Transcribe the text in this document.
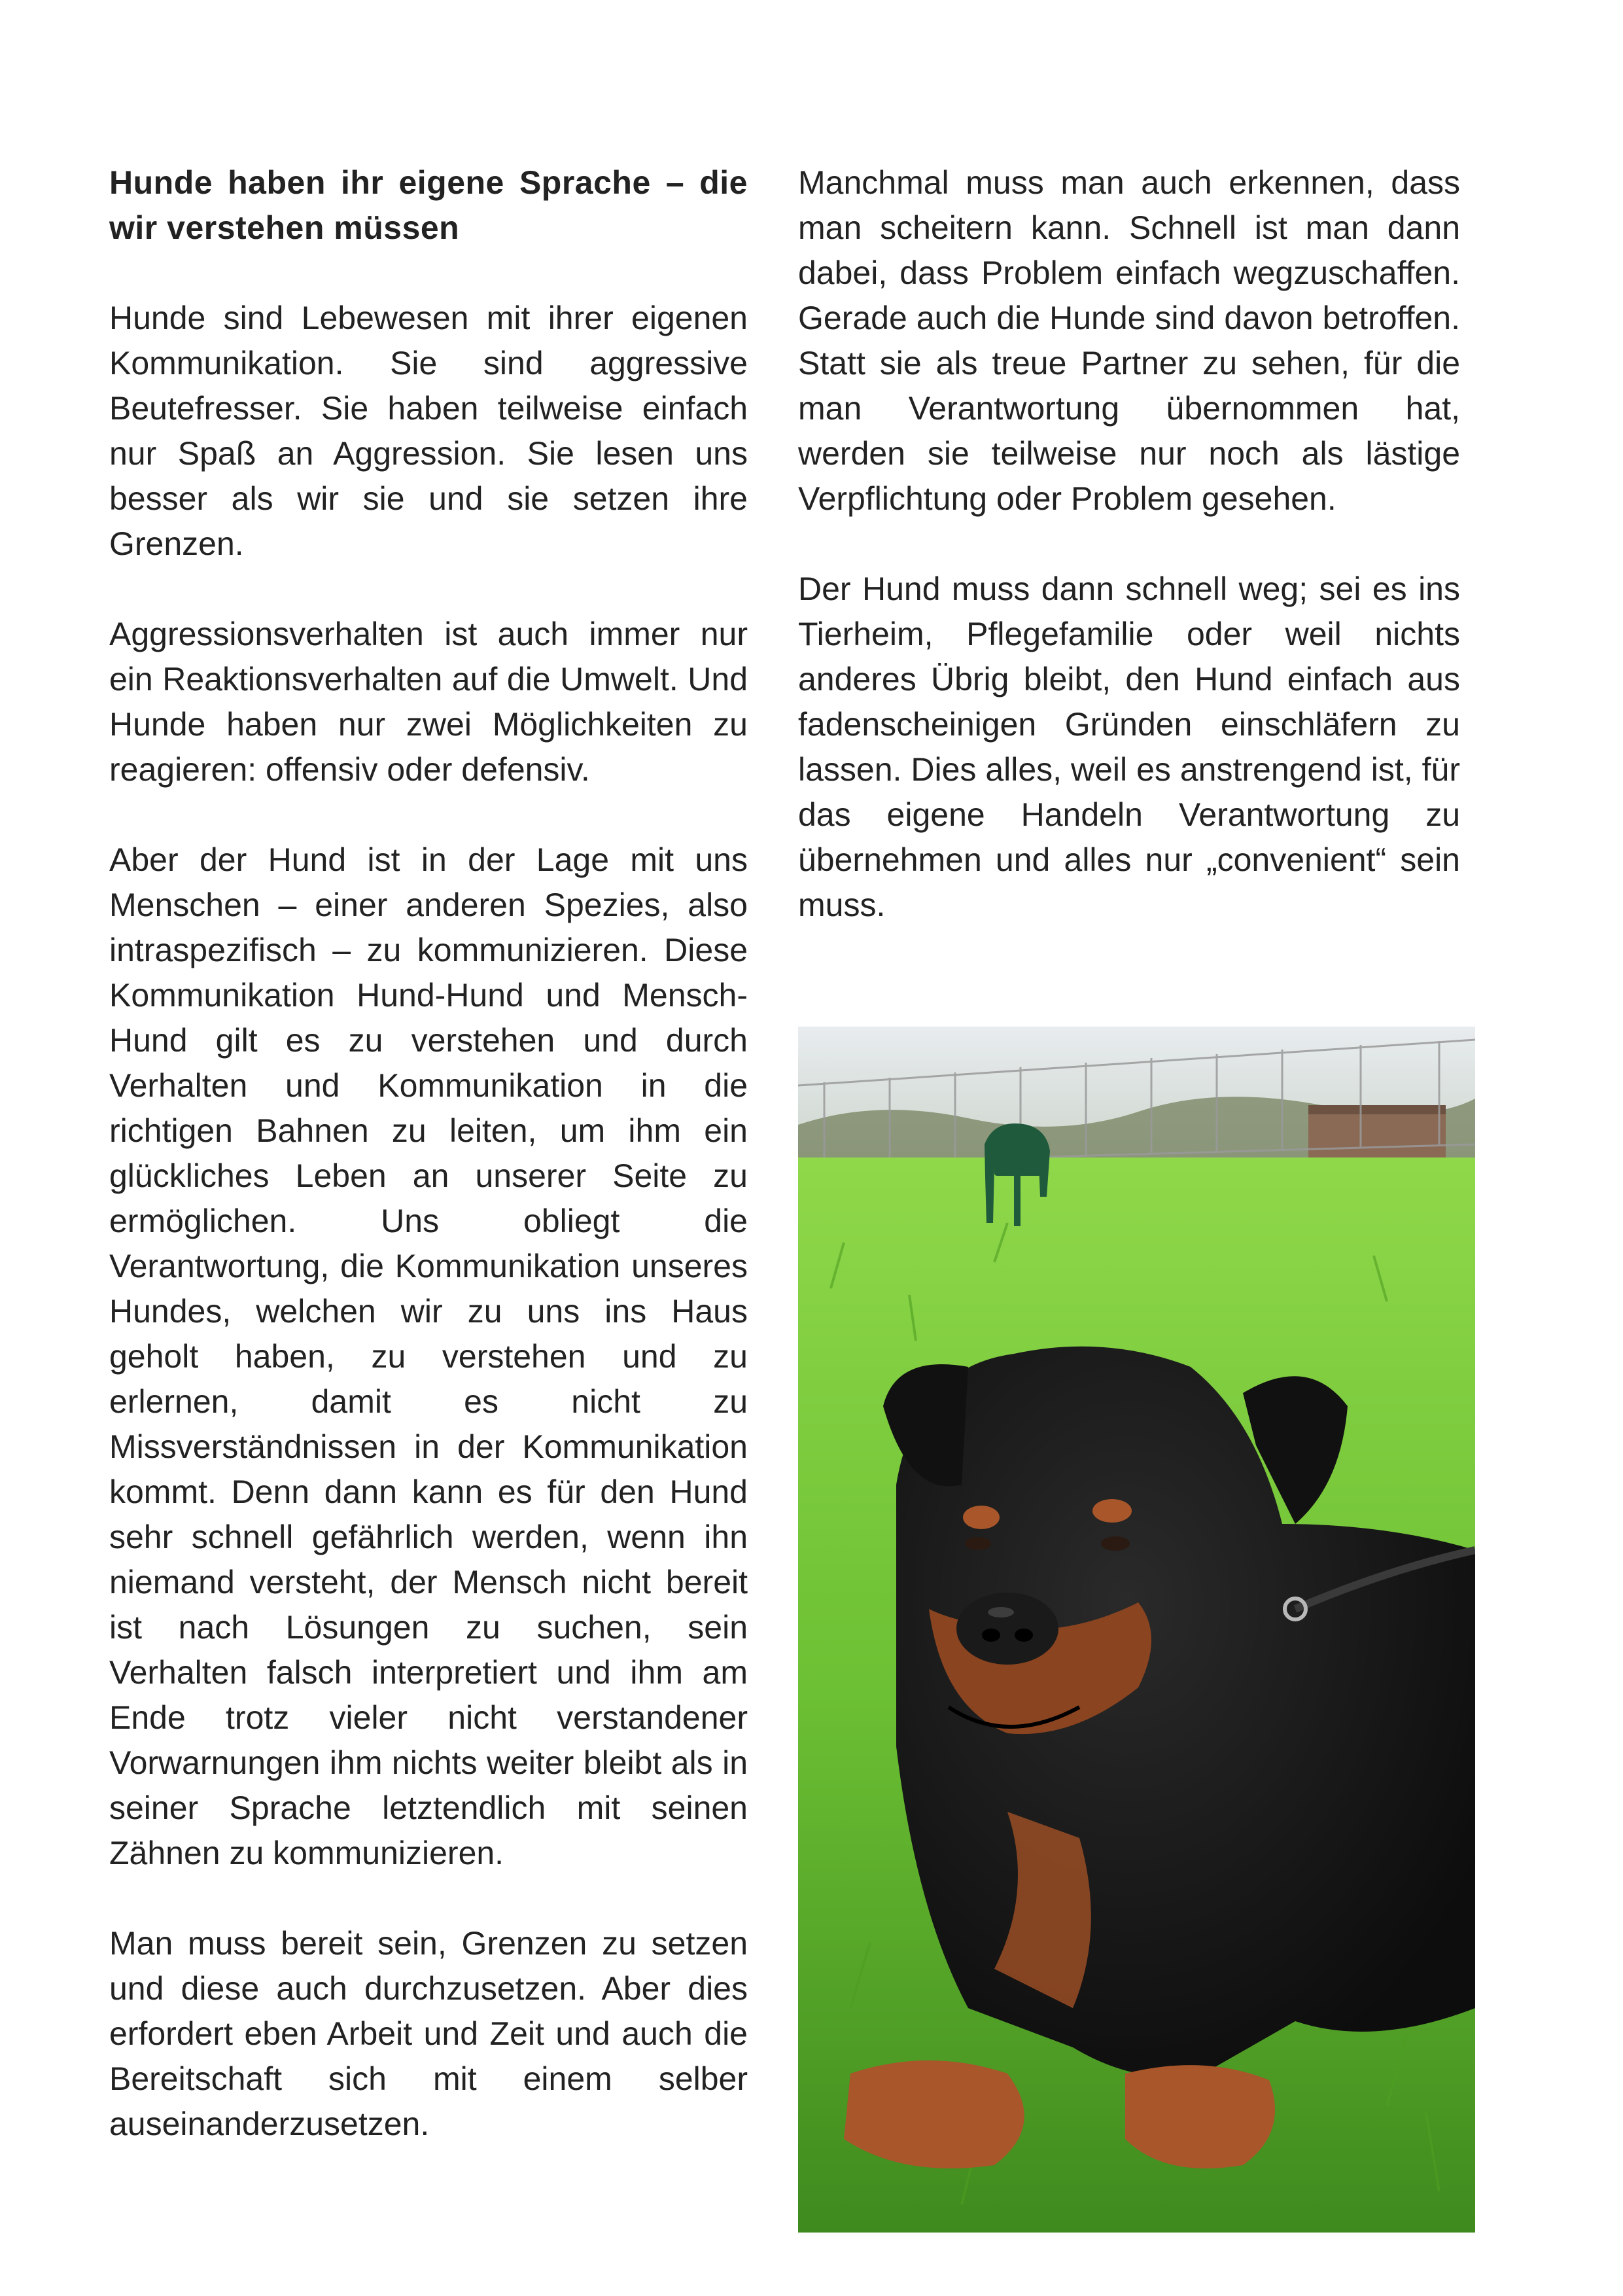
Hunde haben ihr eigene Sprache – die wir verstehen müssen

Hunde sind Lebewesen mit ihrer eigenen Kommunikation. Sie sind aggressive Beutefresser. Sie haben teilweise einfach nur Spaß an Aggression. Sie lesen uns besser als wir sie und sie setzen ihre Grenzen.

Aggressionsverhalten ist auch immer nur ein Reaktionsverhalten auf die Umwelt. Und Hunde haben nur zwei Möglichkeiten zu reagieren: offensiv oder defensiv.

Aber der Hund ist in der Lage mit uns Menschen – einer anderen Spezies, also intraspezifisch – zu kommunizieren. Diese Kommunikation Hund-Hund und Mensch-Hund gilt es zu verstehen und durch Verhalten und Kommunikation in die richtigen Bahnen zu leiten, um ihm ein glückliches Leben an unserer Seite zu ermöglichen. Uns obliegt die Verantwortung, die Kommunikation unseres Hundes, welchen wir zu uns ins Haus geholt haben, zu verstehen und zu erlernen, damit es nicht zu Missverständnissen in der Kommunikation kommt. Denn dann kann es für den Hund sehr schnell gefährlich werden, wenn ihn niemand versteht, der Mensch nicht bereit ist nach Lösungen zu suchen, sein Verhalten falsch interpretiert und ihm am Ende trotz vieler nicht verstandener Vorwarnungen ihm nichts weiter bleibt als in seiner Sprache letztendlich mit seinen Zähnen zu kommunizieren.

Man muss bereit sein, Grenzen zu setzen und diese auch durchzusetzen. Aber dies erfordert eben Arbeit und Zeit und auch die Bereitschaft sich mit einem selber auseinanderzusetzen.

Manchmal muss man auch erkennen, dass man scheitern kann. Schnell ist man dann dabei, dass Problem einfach wegzuschaffen. Gerade auch die Hunde sind davon betroffen. Statt sie als treue Partner zu sehen, für die man Verantwortung übernommen hat, werden sie teilweise nur noch als lästige Verpflichtung oder Problem gesehen.

Der Hund muss dann schnell weg; sei es ins Tierheim, Pflegefamilie oder weil nichts anderes Übrig bleibt, den Hund einfach aus fadenscheinigen Gründen einschläfern zu lassen. Dies alles, weil es anstrengend ist, für das eigene Handeln Verantwortung zu übernehmen und alles nur „convenient“ sein muss.
